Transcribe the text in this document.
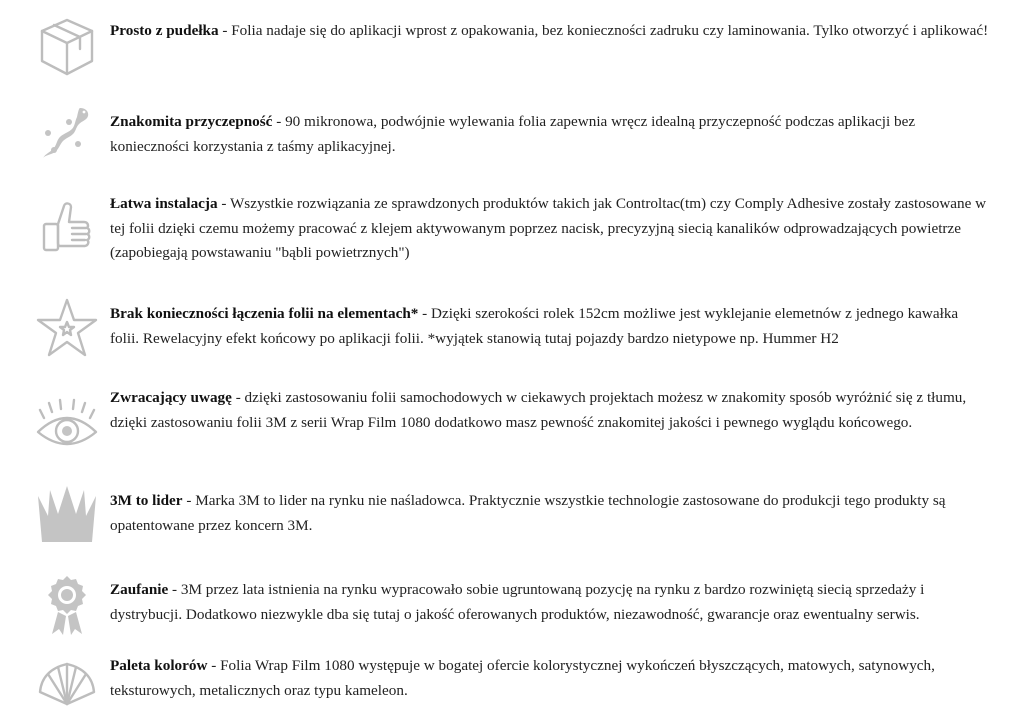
Prosto z pudełka - Folia nadaje się do aplikacji wprost z opakowania, bez konieczności zadruku czy laminowania. Tylko otworzyć i aplikować!

Znakomita przyczepność - 90 mikronowa, podwójnie wylewania folia zapewnia wręcz idealną przyczepność podczas aplikacji bez konieczności korzystania z taśmy aplikacyjnej.

Łatwa instalacja - Wszystkie rozwiązania ze sprawdzonych produktów takich jak Controltac(tm) czy Comply Adhesive zostały zastosowane w tej folii dzięki czemu możemy pracować z klejem aktywowanym poprzez nacisk, precyzyjną siecią kanalików odprowadzających powietrze (zapobiegają powstawaniu "bąbli powietrznych")

Brak konieczności łączenia folii na elementach* - Dzięki szerokości rolek 152cm możliwe jest wyklejanie elemetnów z jednego kawałka folii. Rewelacyjny efekt końcowy po aplikacji folii. *wyjątek stanowią tutaj pojazdy bardzo nietypowe np. Hummer H2

Zwracający uwagę - dzięki zastosowaniu folii samochodowych w ciekawych projektach możesz w znakomity sposób wyróżnić się z tłumu, dzięki zastosowaniu folii 3M z serii Wrap Film 1080 dodatkowo masz pewność znakomitej jakości i pewnego wyglądu końcowego.

3M to lider - Marka 3M to lider na rynku nie naśladowca. Praktycznie wszystkie technologie zastosowane do produkcji tego produkty są opatentowane przez koncern 3M.

Zaufanie - 3M przez lata istnienia na rynku wypracowało sobie ugruntowaną pozycję na rynku z bardzo rozwiniętą siecią sprzedaży i dystrybucji. Dodatkowo niezwykle dba się tutaj o jakość oferowanych produktów, niezawodność, gwarancje oraz ewentualny serwis.

Paleta kolorów - Folia Wrap Film 1080 występuje w bogatej ofercie kolorystycznej wykończeń błyszczących, matowych, satynowych, teksturowych, metalicznych oraz typu kameleon.
